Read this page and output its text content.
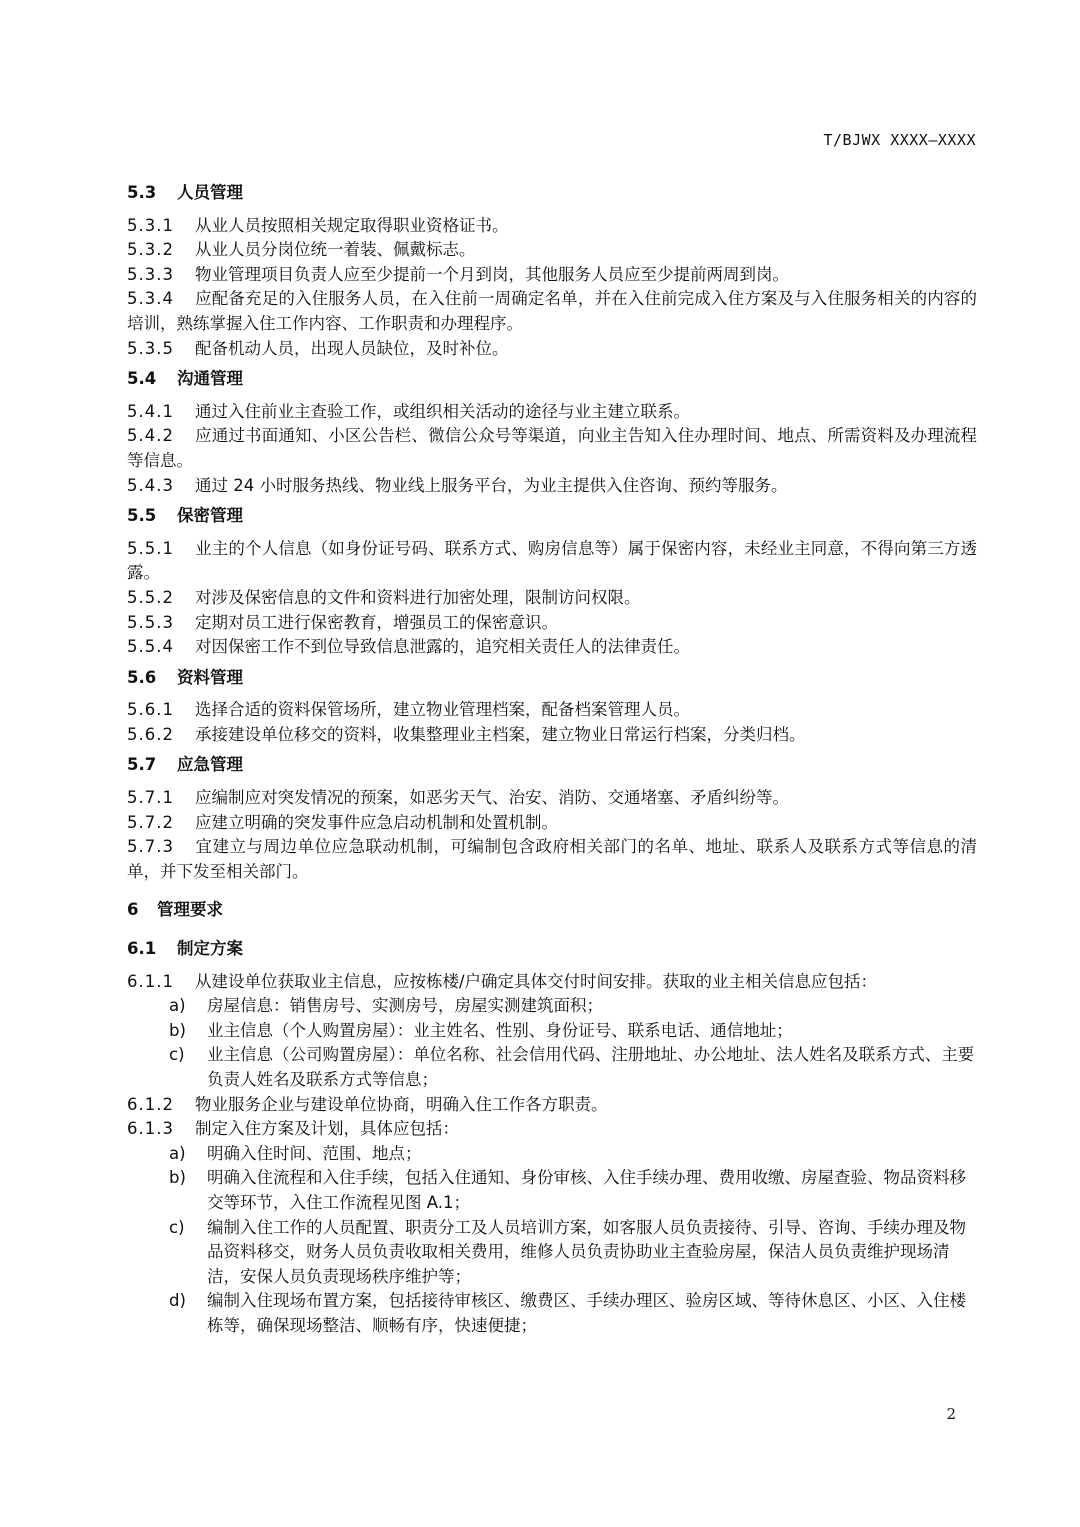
T/BJWX XXXX—XXXX
5.3 人员管理
5.3.1 从业人员按照相关规定取得职业资格证书。
5.3.2 从业人员分岗位统一着装、佩戴标志。
5.3.3 物业管理项目负责人应至少提前一个月到岗，其他服务人员应至少提前两周到岗。
5.3.4 应配备充足的入住服务人员，在入住前一周确定名单，并在入住前完成入住方案及与入住服务相关的内容的培训，熟练掌握入住工作内容、工作职责和办理程序。
5.3.5 配备机动人员，出现人员缺位，及时补位。
5.4 沟通管理
5.4.1 通过入住前业主查验工作，或组织相关活动的途径与业主建立联系。
5.4.2 应通过书面通知、小区公告栏、微信公众号等渠道，向业主告知入住办理时间、地点、所需资料及办理流程等信息。
5.4.3 通过 24 小时服务热线、物业线上服务平台，为业主提供入住咨询、预约等服务。
5.5 保密管理
5.5.1 业主的个人信息（如身份证号码、联系方式、购房信息等）属于保密内容，未经业主同意，不得向第三方透露。
5.5.2 对涉及保密信息的文件和资料进行加密处理，限制访问权限。
5.5.3 定期对员工进行保密教育，增强员工的保密意识。
5.5.4 对因保密工作不到位导致信息泄露的，追究相关责任人的法律责任。
5.6 资料管理
5.6.1 选择合适的资料保管场所，建立物业管理档案，配备档案管理人员。
5.6.2 承接建设单位移交的资料，收集整理业主档案，建立物业日常运行档案，分类归档。
5.7 应急管理
5.7.1 应编制应对突发情况的预案，如恶劣天气、治安、消防、交通堵塞、矛盾纠纷等。
5.7.2 应建立明确的突发事件应急启动机制和处置机制。
5.7.3 宜建立与周边单位应急联动机制，可编制包含政府相关部门的名单、地址、联系人及联系方式等信息的清单，并下发至相关部门。
6 管理要求
6.1 制定方案
6.1.1 从建设单位获取业主信息，应按栋楼/户确定具体交付时间安排。获取的业主相关信息应包括：
a) 房屋信息：销售房号、实测房号，房屋实测建筑面积；
b) 业主信息（个人购置房屋）：业主姓名、性别、身份证号、联系电话、通信地址；
c) 业主信息（公司购置房屋）：单位名称、社会信用代码、注册地址、办公地址、法人姓名及联系方式、主要负责人姓名及联系方式等信息；
6.1.2 物业服务企业与建设单位协商，明确入住工作各方职责。
6.1.3 制定入住方案及计划，具体应包括：
a) 明确入住时间、范围、地点；
b) 明确入住流程和入住手续，包括入住通知、身份审核、入住手续办理、费用收缴、房屋查验、物品资料移交等环节，入住工作流程见图 A.1；
c) 编制入住工作的人员配置、职责分工及人员培训方案，如客服人员负责接待、引导、咨询、手续办理及物品资料移交，财务人员负责收取相关费用，维修人员负责协助业主查验房屋，保洁人员负责维护现场清洁，安保人员负责现场秩序维护等；
d) 编制入住现场布置方案，包括接待审核区、缴费区、手续办理区、验房区域、等待休息区、小区、入住楼栋等，确保现场整洁、顺畅有序，快速便捷；
2
